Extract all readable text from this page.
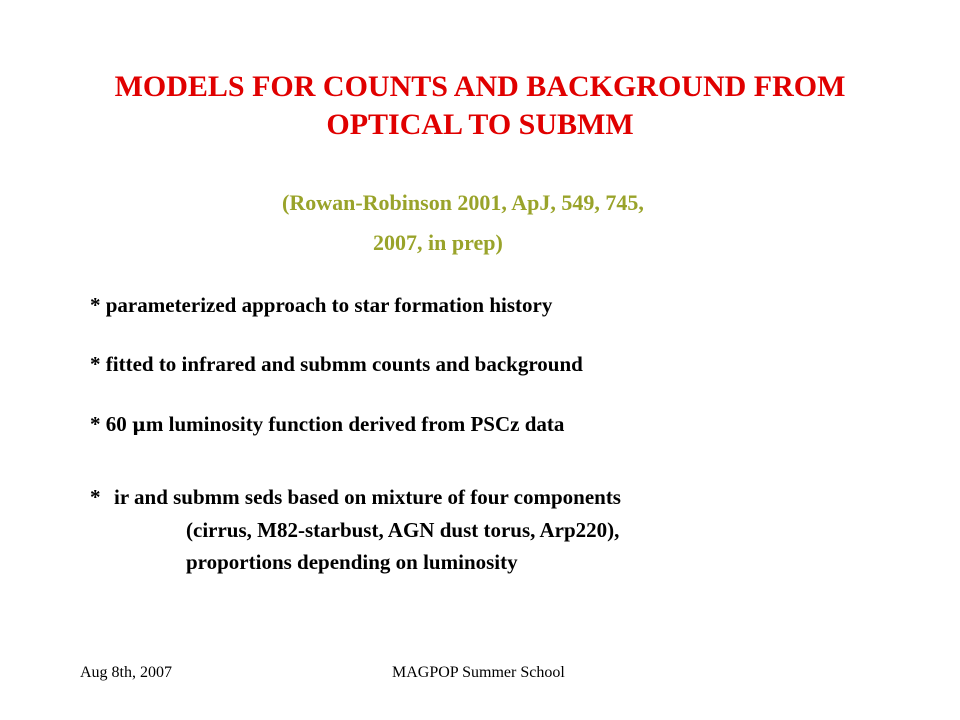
MODELS FOR COUNTS AND BACKGROUND FROM
OPTICAL TO SUBMM

(Rowan-Robinson 2001, ApJ, 549, 745,

2007, in prep)

* parameterized approach to star formation history

* fitted to infrared and submm counts and background

* 60 μm luminosity function derived from PSCz data

* ir and submm seds based on mixture of four components
(cirrus, M82-starbust, AGN dust torus, Arp220),
proportions depending on luminosity
Aug 8th, 2007	MAGPOP Summer School
